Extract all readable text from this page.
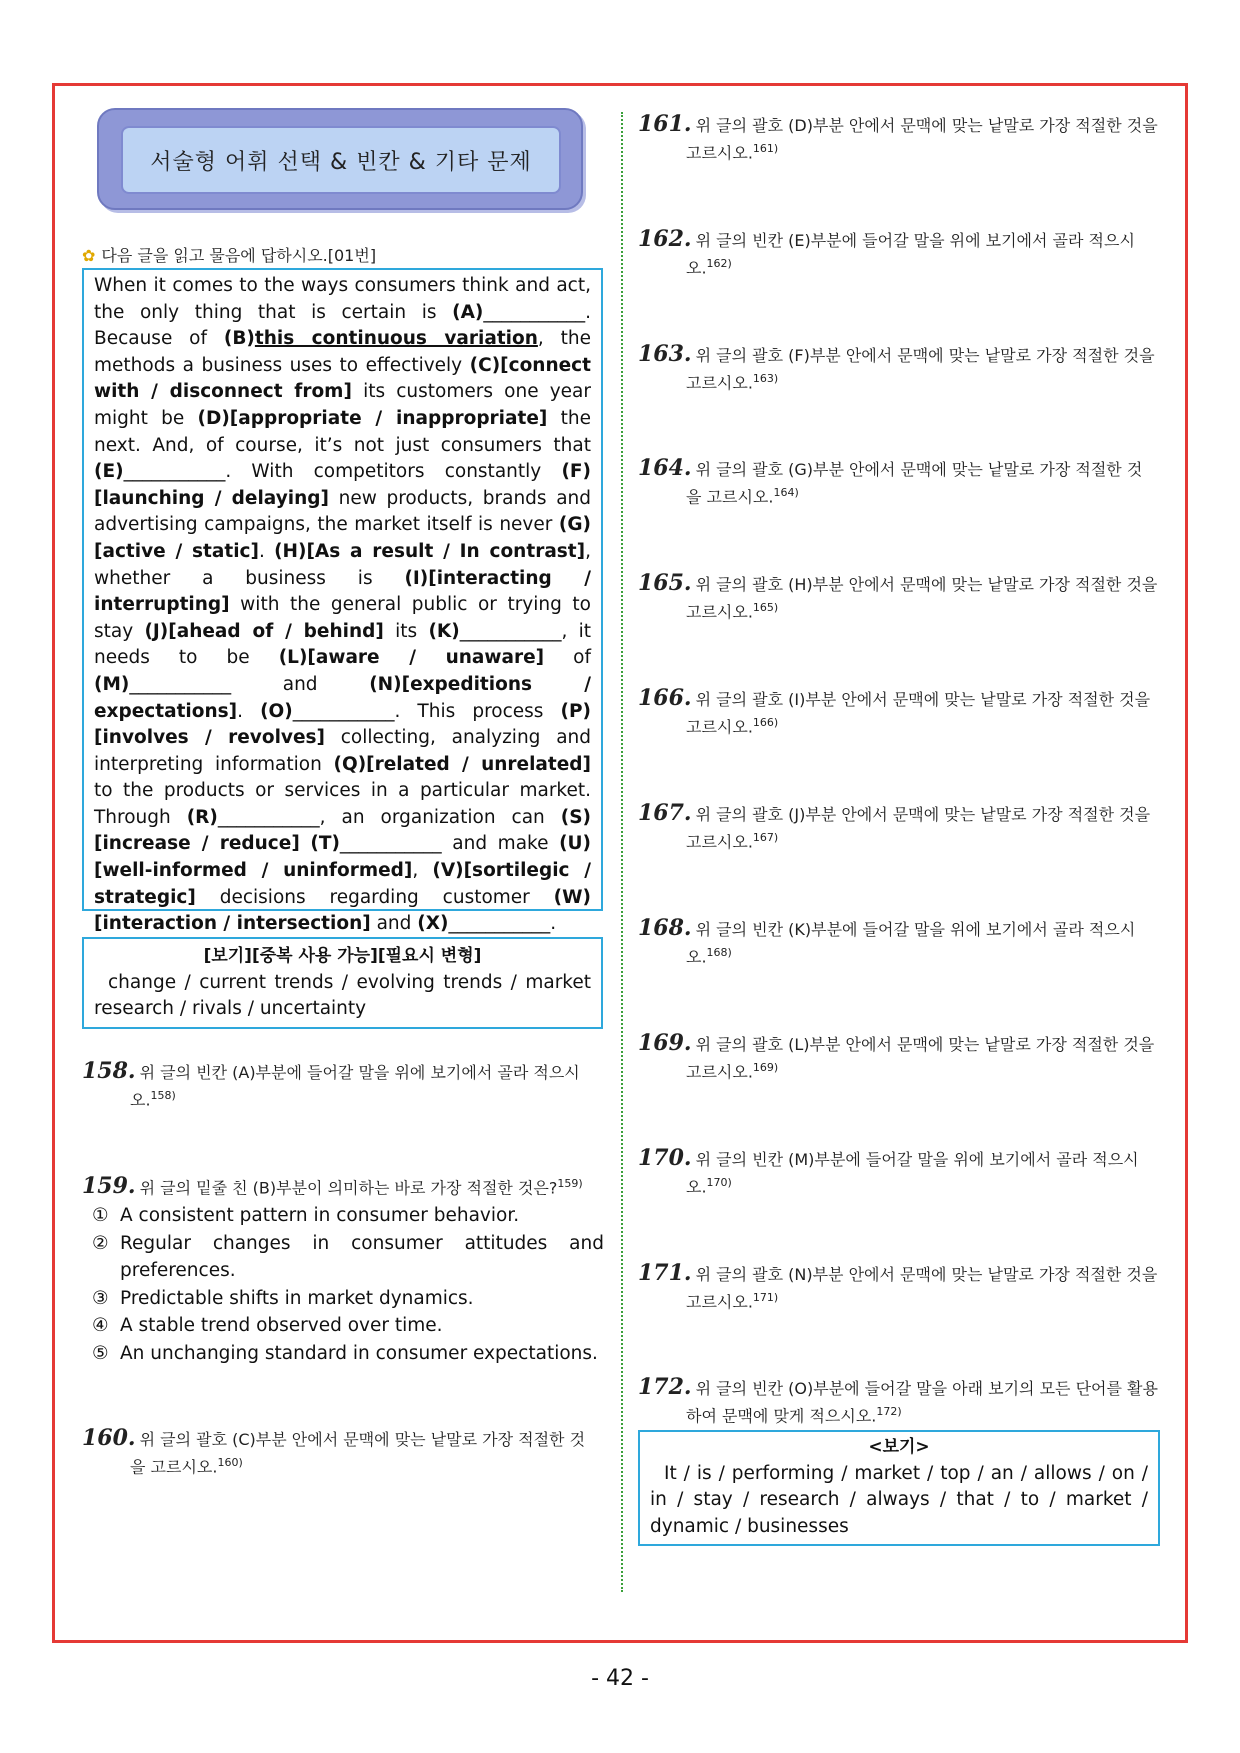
서술형 어휘 선택 & 빈칸 & 기타 문제
✿ 다음 글을 읽고 물음에 답하시오.[01번]
When it comes to the ways consumers think and act, the only thing that is certain is (A)___________. Because of (B)this continuous variation, the methods a business uses to effectively (C)[connect with / disconnect from] its customers one year might be (D)[appropriate / inappropriate] the next. And, of course, it’s not just consumers that (E)___________. With competitors constantly (F)[launching / delaying] new products, brands and advertising campaigns, the market itself is never (G)[active / static]. (H)[As a result / In contrast], whether a business is (I)[interacting / interrupting] with the general public or trying to stay (J)[ahead of / behind] its (K)___________, it needs to be (L)[aware / unaware] of (M)___________ and (N)[expeditions / expectations]. (O)___________. This process (P)[involves / revolves] collecting, analyzing and interpreting information (Q)[related / unrelated] to the products or services in a particular market. Through (R)___________, an organization can (S)[increase / reduce] (T)___________ and make (U)[well-informed / uninformed], (V)[sortilegic / strategic] decisions regarding customer (W)[interaction / intersection] and (X)___________.
[보기][중복 사용 가능][필요시 변형]
change / current trends / evolving trends / market research / rivals / uncertainty
158. 위 글의 빈칸 (A)부분에 들어갈 말을 위에 보기에서 골라 적으시
오.$^{158)}$
159. 위 글의 밑줄 친 (B)부분이 의미하는 바로 가장 적절한 것은?$^{159)}$
① A consistent pattern in consumer behavior.
② Regular changes in consumer attitudes and preferences.
③ Predictable shifts in market dynamics.
④ A stable trend observed over time.
⑤ An unchanging standard in consumer expectations.
160. 위 글의 괄호 (C)부분 안에서 문맥에 맞는 낱말로 가장 적절한 것
을 고르시오.$^{160)}$
161. 위 글의 괄호 (D)부분 안에서 문맥에 맞는 낱말로 가장 적절한 것을
고르시오.$^{161)}$
162. 위 글의 빈칸 (E)부분에 들어갈 말을 위에 보기에서 골라 적으시
오.$^{162)}$
163. 위 글의 괄호 (F)부분 안에서 문맥에 맞는 낱말로 가장 적절한 것을
고르시오.$^{163)}$
164. 위 글의 괄호 (G)부분 안에서 문맥에 맞는 낱말로 가장 적절한 것
을 고르시오.$^{164)}$
165. 위 글의 괄호 (H)부분 안에서 문맥에 맞는 낱말로 가장 적절한 것을
고르시오.$^{165)}$
166. 위 글의 괄호 (I)부분 안에서 문맥에 맞는 낱말로 가장 적절한 것을
고르시오.$^{166)}$
167. 위 글의 괄호 (J)부분 안에서 문맥에 맞는 낱말로 가장 적절한 것을
고르시오.$^{167)}$
168. 위 글의 빈칸 (K)부분에 들어갈 말을 위에 보기에서 골라 적으시
오.$^{168)}$
169. 위 글의 괄호 (L)부분 안에서 문맥에 맞는 낱말로 가장 적절한 것을
고르시오.$^{169)}$
170. 위 글의 빈칸 (M)부분에 들어갈 말을 위에 보기에서 골라 적으시
오.$^{170)}$
171. 위 글의 괄호 (N)부분 안에서 문맥에 맞는 낱말로 가장 적절한 것을
고르시오.$^{171)}$
172. 위 글의 빈칸 (O)부분에 들어갈 말을 아래 보기의 모든 단어를 활용
하여 문맥에 맞게 적으시오.$^{172)}$
<보기>
It / is / performing / market / top / an / allows / on / in / stay / research / always / that / to / market / dynamic / businesses
- 42 -
